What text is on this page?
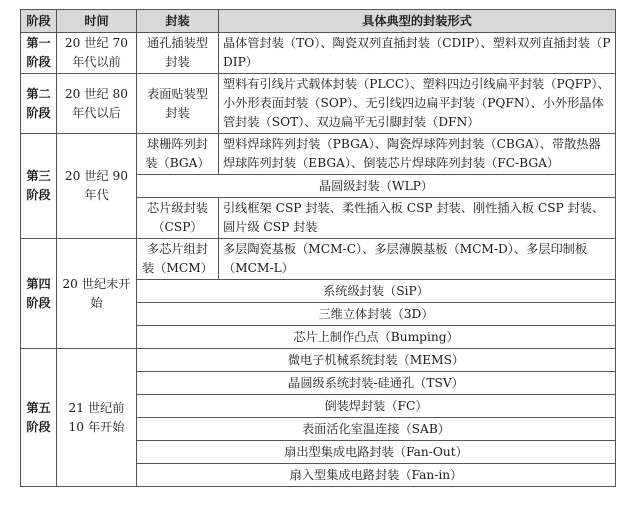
阶段	时间	封装	具体典型的封装形式
第一阶段	20 世纪 70 年代以前	通孔插装型封装	晶体管封装（TO）、陶瓷双列直插封装（CDIP）、塑料双列直插封装（PDIP）
第二阶段	20 世纪 80 年代以后	表面贴装型封装	塑料有引线片式载体封装（PLCC）、塑料四边引线扁平封装（PQFP）、小外形表面封装（SOP）、无引线四边扁平封装（PQFN）、小外形晶体管封装（SOT）、双边扁平无引脚封装（DFN）
第三阶段	20 世纪 90 年代	球栅阵列封装（BGA）	塑料焊球阵列封装（PBGA）、陶瓷焊球阵列封装（CBGA）、带散热器焊球阵列封装（EBGA）、倒装芯片焊球阵列封装（FC-BGA）
		晶圆级封装（WLP）	
		芯片级封装（CSP）	引线框架 CSP 封装、柔性插入板 CSP 封装、刚性插入板 CSP 封装、圆片级 CSP 封装
第四阶段	20 世纪末开始	多芯片组封装（MCM）	多层陶瓷基板（MCM-C）、多层薄膜基板（MCM-D）、多层印制板（MCM-L）
		系统级封装（SiP）	
		三维立体封装（3D）	
		芯片上制作凸点（Bumping）	
第五阶段	21 世纪前 10 年开始	微电子机械系统封装（MEMS）	
		晶圆级系统封装-硅通孔（TSV）	
		倒装焊封装（FC）	
		表面活化室温连接（SAB）	
		扇出型集成电路封装（Fan-Out）	
		扇入型集成电路封装（Fan-in）	
